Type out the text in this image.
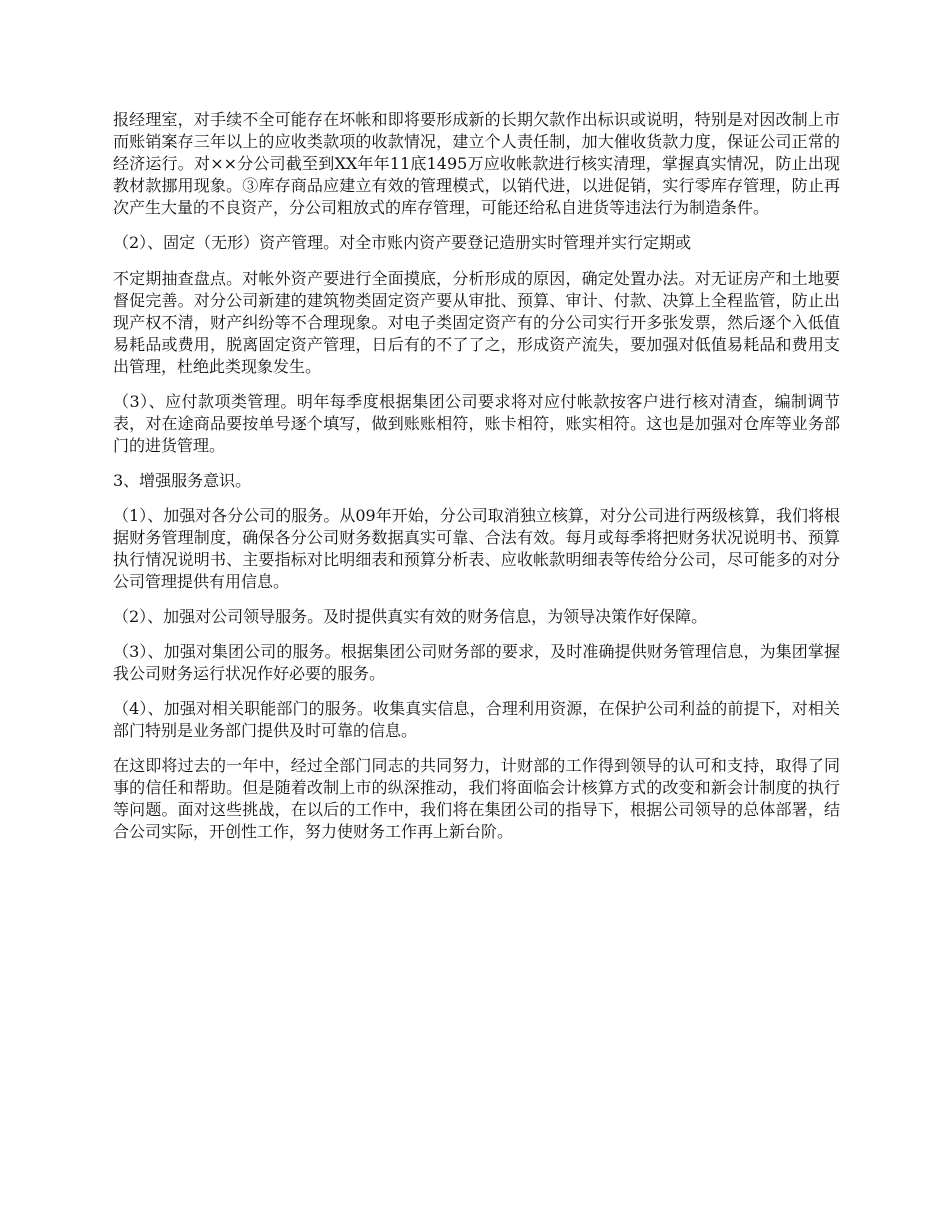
报经理室，对手续不全可能存在坏帐和即将要形成新的长期欠款作出标识或说明，特别是对因改制上市而账销案存三年以上的应收类款项的收款情况，建立个人责任制，加大催收货款力度，保证公司正常的经济运行。对××分公司截至到XX年年11底1495万应收帐款进行核实清理，掌握真实情况，防止出现教材款挪用现象。③库存商品应建立有效的管理模式，以销代进，以进促销，实行零库存管理，防止再次产生大量的不良资产，分公司粗放式的库存管理，可能还给私自进货等违法行为制造条件。

（2）、固定（无形）资产管理。对全市账内资产要登记造册实时管理并实行定期或

不定期抽查盘点。对帐外资产要进行全面摸底，分析形成的原因，确定处置办法。对无证房产和土地要督促完善。对分公司新建的建筑物类固定资产要从审批、预算、审计、付款、决算上全程监管，防止出现产权不清，财产纠纷等不合理现象。对电子类固定资产有的分公司实行开多张发票，然后逐个入低值易耗品或费用，脱离固定资产管理，日后有的不了了之，形成资产流失，要加强对低值易耗品和费用支出管理，杜绝此类现象发生。

（3）、应付款项类管理。明年每季度根据集团公司要求将对应付帐款按客户进行核对清查，编制调节表，对在途商品要按单号逐个填写，做到账账相符，账卡相符，账实相符。这也是加强对仓库等业务部门的进货管理。

3、增强服务意识。

（1）、加强对各分公司的服务。从09年开始，分公司取消独立核算，对分公司进行两级核算，我们将根据财务管理制度，确保各分公司财务数据真实可靠、合法有效。每月或每季将把财务状况说明书、预算执行情况说明书、主要指标对比明细表和预算分析表、应收帐款明细表等传给分公司，尽可能多的对分公司管理提供有用信息。

（2）、加强对公司领导服务。及时提供真实有效的财务信息，为领导决策作好保障。

（3）、加强对集团公司的服务。根据集团公司财务部的要求，及时准确提供财务管理信息，为集团掌握我公司财务运行状况作好必要的服务。

（4）、加强对相关职能部门的服务。收集真实信息，合理利用资源，在保护公司利益的前提下，对相关部门特别是业务部门提供及时可靠的信息。

在这即将过去的一年中，经过全部门同志的共同努力，计财部的工作得到领导的认可和支持，取得了同事的信任和帮助。但是随着改制上市的纵深推动，我们将面临会计核算方式的改变和新会计制度的执行等问题。面对这些挑战，在以后的工作中，我们将在集团公司的指导下，根据公司领导的总体部署，结合公司实际，开创性工作，努力使财务工作再上新台阶。
